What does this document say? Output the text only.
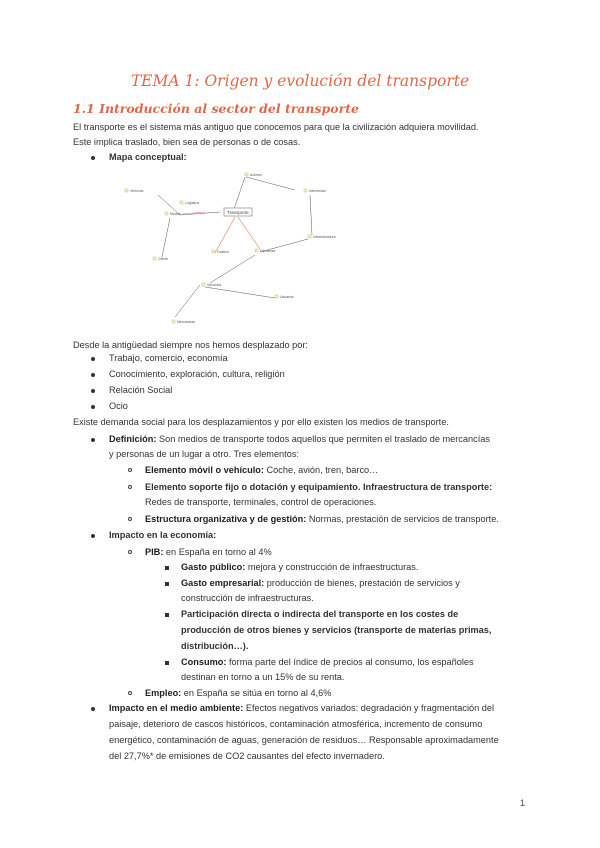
TEMA 1: Origen y evolución del transporte
1.1 Introducción al sector del transporte
El transporte es el sistema más antiguo que conocemos para que la civilización adquiera movilidad.
Este implica traslado, bien sea de personas o de cosas.
Mapa conceptual:
Transporte
Actores
Intermodal
Infraestructura
Modos
Vehículo
Gestión	Demanda
Oferta
Servicios
Usuarios
Mercancías
Logística
Desde la antigüedad siempre nos hemos desplazado por:
Trabajo, comercio, economía
Conocimiento, exploración, cultura, religión
Relación Social
Ocio
Existe demanda social para los desplazamientos y por ello existen los medios de transporte.
Definición: Son medios de transporte todos aquellos que permiten el traslado de mercancías
y personas de un lugar a otro. Tres elementos:
Elemento móvil o vehículo: Coche, avión, tren, barco…
Elemento soporte fijo o dotación y equipamiento. Infraestructura de transporte:
Redes de transporte, terminales, control de operaciones.
Estructura organizativa y de gestión: Normas, prestación de servicios de transporte.
Impacto en la economía:
PIB: en España en torno al 4%
Gasto público: mejora y construcción de infraestructuras.
Gasto empresarial: producción de bienes, prestación de servicios y
construcción de infraestructuras.
Participación directa o indirecta del transporte en los costes de
producción de otros bienes y servicios (transporte de materias primas,
distribución…).
Consumo: forma parte del índice de precios al consumo, los españoles
destinan en torno a un 15% de su renta.
Empleo: en España se sitúa en torno al 4,6%
Impacto en el medio ambiente: Efectos negativos variados: degradación y fragmentación del
paisaje, deterioro de cascos históricos, contaminación atmosférica, incremento de consumo
energético, contaminación de aguas, generación de residuos… Responsable aproximadamente
del 27,7%* de emisiones de CO2 causantes del efecto invernadero.
1
